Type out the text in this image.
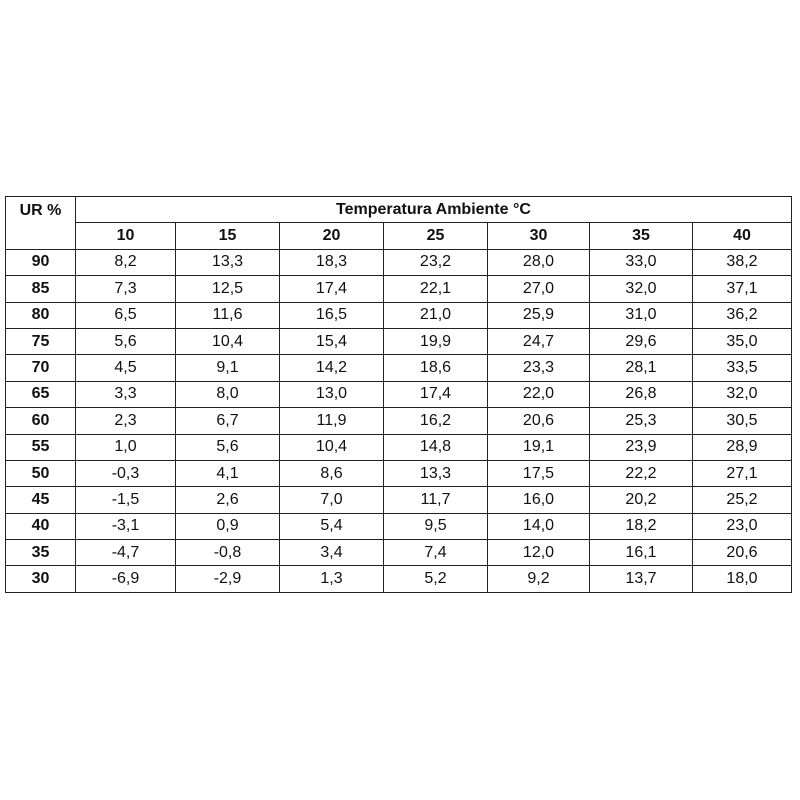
UR %	Temperatura Ambiente °C						
	10	15	20	25	30	35	40
90	8,2	13,3	18,3	23,2	28,0	33,0	38,2
85	7,3	12,5	17,4	22,1	27,0	32,0	37,1
80	6,5	11,6	16,5	21,0	25,9	31,0	36,2
75	5,6	10,4	15,4	19,9	24,7	29,6	35,0
70	4,5	9,1	14,2	18,6	23,3	28,1	33,5
65	3,3	8,0	13,0	17,4	22,0	26,8	32,0
60	2,3	6,7	11,9	16,2	20,6	25,3	30,5
55	1,0	5,6	10,4	14,8	19,1	23,9	28,9
50	-0,3	4,1	8,6	13,3	17,5	22,2	27,1
45	-1,5	2,6	7,0	11,7	16,0	20,2	25,2
40	-3,1	0,9	5,4	9,5	14,0	18,2	23,0
35	-4,7	-0,8	3,4	7,4	12,0	16,1	20,6
30	-6,9	-2,9	1,3	5,2	9,2	13,7	18,0
